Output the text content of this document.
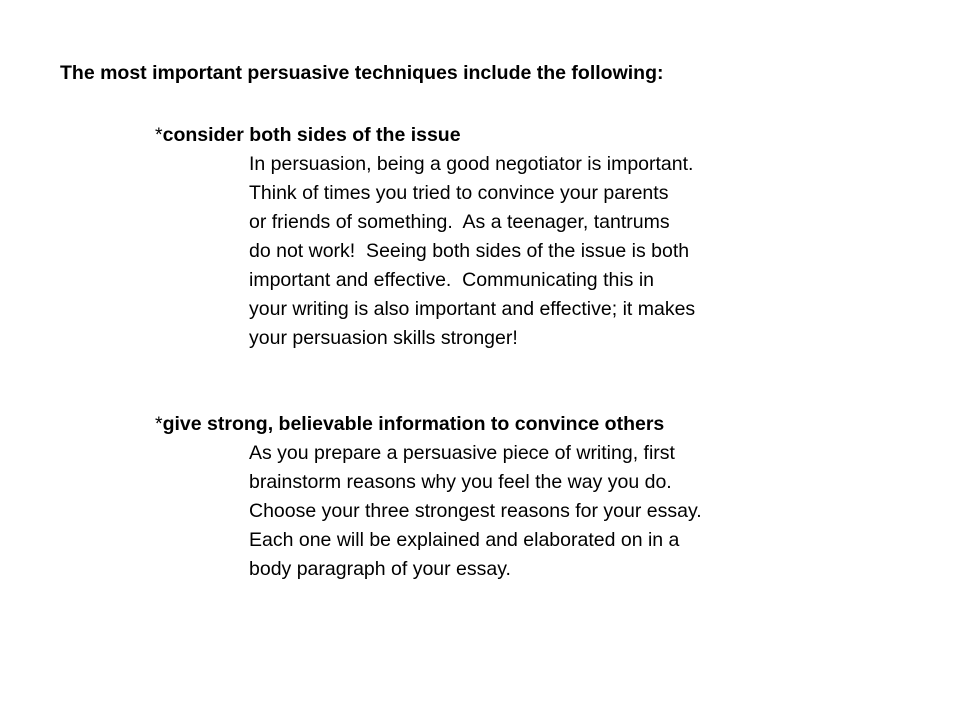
The most important persuasive techniques include the following:

*consider both sides of the issue

In persuasion, being a good negotiator is important.
Think of times you tried to convince your parents
or friends of something.  As a teenager, tantrums
do not work!  Seeing both sides of the issue is both
important and effective.  Communicating this in
your writing is also important and effective; it makes
your persuasion skills stronger!

*give strong, believable information to convince others

As you prepare a persuasive piece of writing, first
brainstorm reasons why you feel the way you do.
Choose your three strongest reasons for your essay.
Each one will be explained and elaborated on in a
body paragraph of your essay.
